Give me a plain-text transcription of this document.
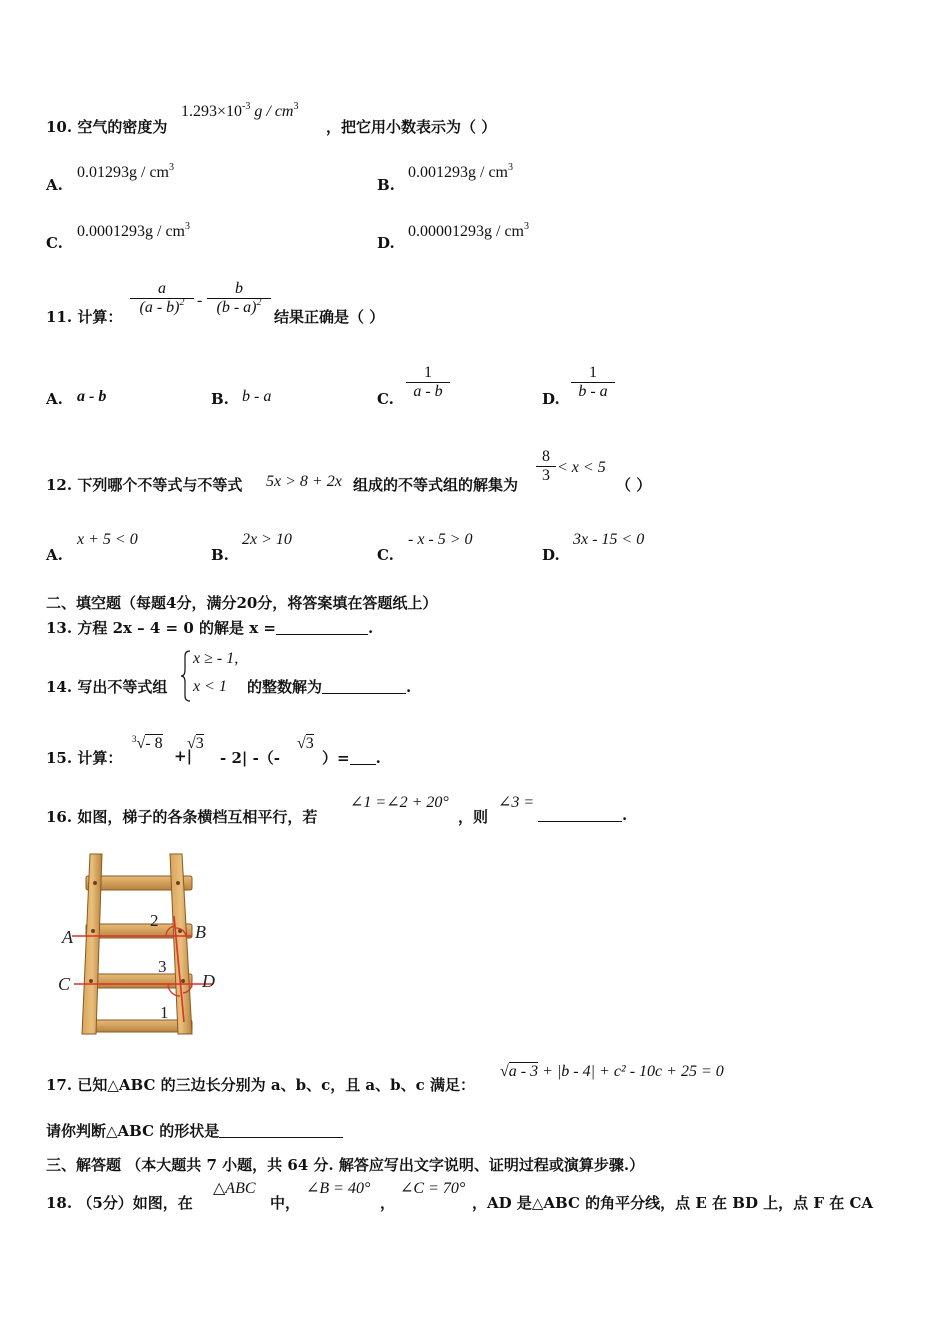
10. 空气的密度为
$1.293\times 10^{-3}$ g / $cm^3$
，把它用小数表示为（ ）
A.
$0.01293g / cm^3$
B.
$0.001293g / cm^3$
C.
$0.0001293g / cm^3$
D.
$0.00001293g / cm^3$
11. 计算：
a
(a - b)$^2$ -
b
(b - a)$^2$
结果正确是（ ）
A. a - b	B. b - a	C.
1
a - b	D.
1
b - a
12. 下列哪个不等式与不等式 5x > 8 + 2x 组成的不等式组的解集为
8
3 < x < 5
（ ）
A.
x + 5 < 0
B.
2x > 10
C.
- x - 5 > 0
D.
3x - 15 < 0
二、填空题（每题4分，满分20分，将答案填在答题纸上）
13. 方程 2x – 4 = 0 的解是 x =	.
14. 写出不等式组
x ≥ - 1,
x < 1 的整数解为	.
15. 计算：
$^3$√- 8
+|
√3
- 2| -（-
√3
）= .
16. 如图，梯子的各条横档互相平行，若
∠1 =∠2 + 20°
，则
∠3 =
.
A	B
C	D
2
3
1
17. 已知△ABC 的三边长分别为 a、b、c，且 a、b、c 满足：
√a - 3 + |b - 4| + c² - 10c + 25 = 0
请你判断△ABC 的形状是
三、解答题 （本大题共 7 小题，共 64 分. 解答应写出文字说明、证明过程或演算步骤.）
18. （5分）如图，在
△ABC
中，
∠B = 40°
，
∠C = 70°
，AD 是△ABC 的角平分线，点 E 在 BD 上，点 F 在 CA
